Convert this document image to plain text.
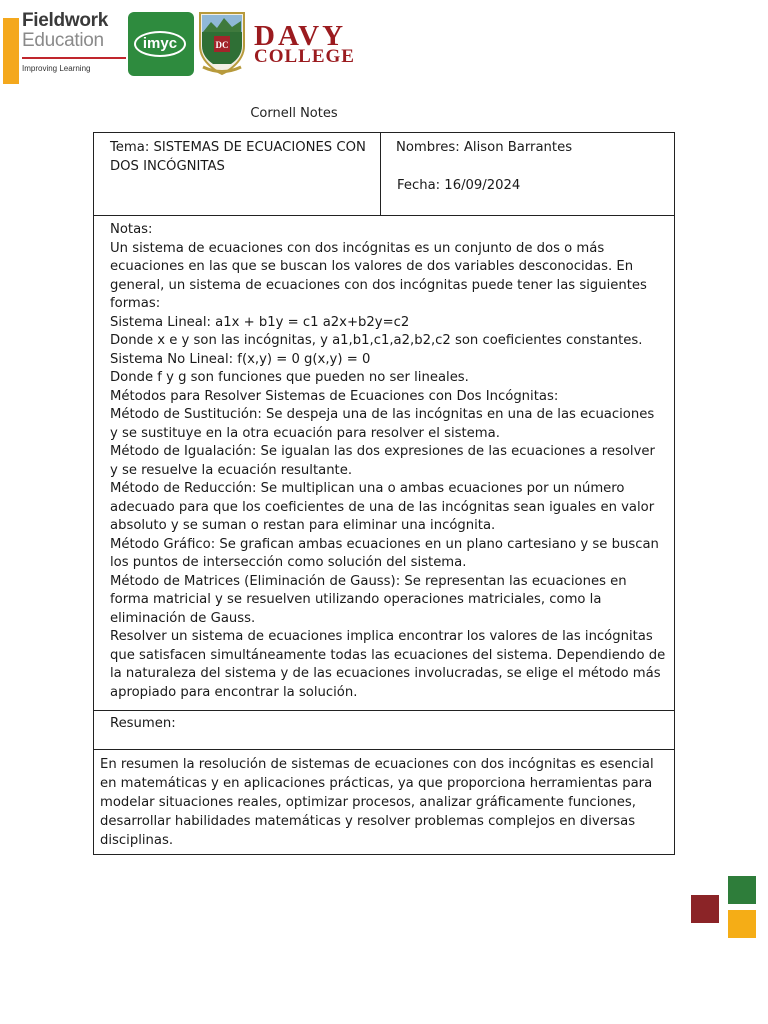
Fieldwork
Education
Improving Learning
imyc	DC DAVY
COLLEGE
Cornell Notes
Tema: SISTEMAS DE ECUACIONES CON DOS INCÓGNITAS
Nombres: Alison Barrantes
Fecha: 16/09/2024

Notas:

Un sistema de ecuaciones con dos incógnitas es un conjunto de dos o más ecuaciones en las que se buscan los valores de dos variables desconocidas. En general, un sistema de ecuaciones con dos incógnitas puede tener las siguientes formas:

Sistema Lineal: a1x + b1y = c1 a2x+b2y=c2

Donde x e y son las incógnitas, y a1,b1,c1,a2,b2,c2 son coeficientes constantes.

Sistema No Lineal: f(x,y) = 0 g(x,y) = 0

Donde f y g son funciones que pueden no ser lineales.

Métodos para Resolver Sistemas de Ecuaciones con Dos Incógnitas:

Método de Sustitución: Se despeja una de las incógnitas en una de las ecuaciones y se sustituye en la otra ecuación para resolver el sistema.

Método de Igualación: Se igualan las dos expresiones de las ecuaciones a resolver y se resuelve la ecuación resultante.

Método de Reducción: Se multiplican una o ambas ecuaciones por un número adecuado para que los coeficientes de una de las incógnitas sean iguales en valor absoluto y se suman o restan para eliminar una incógnita.

Método Gráfico: Se grafican ambas ecuaciones en un plano cartesiano y se buscan los puntos de intersección como solución del sistema.

Método de Matrices (Eliminación de Gauss): Se representan las ecuaciones en forma matricial y se resuelven utilizando operaciones matriciales, como la eliminación de Gauss.

Resolver un sistema de ecuaciones implica encontrar los valores de las incógnitas que satisfacen simultáneamente todas las ecuaciones del sistema. Dependiendo de la naturaleza del sistema y de las ecuaciones involucradas, se elige el método más apropiado para encontrar la solución.

Resumen:
En resumen la resolución de sistemas de ecuaciones con dos incógnitas es esencial en matemáticas y en aplicaciones prácticas, ya que proporciona herramientas para modelar situaciones reales, optimizar procesos, analizar gráficamente funciones, desarrollar habilidades matemáticas y resolver problemas complejos en diversas disciplinas.
